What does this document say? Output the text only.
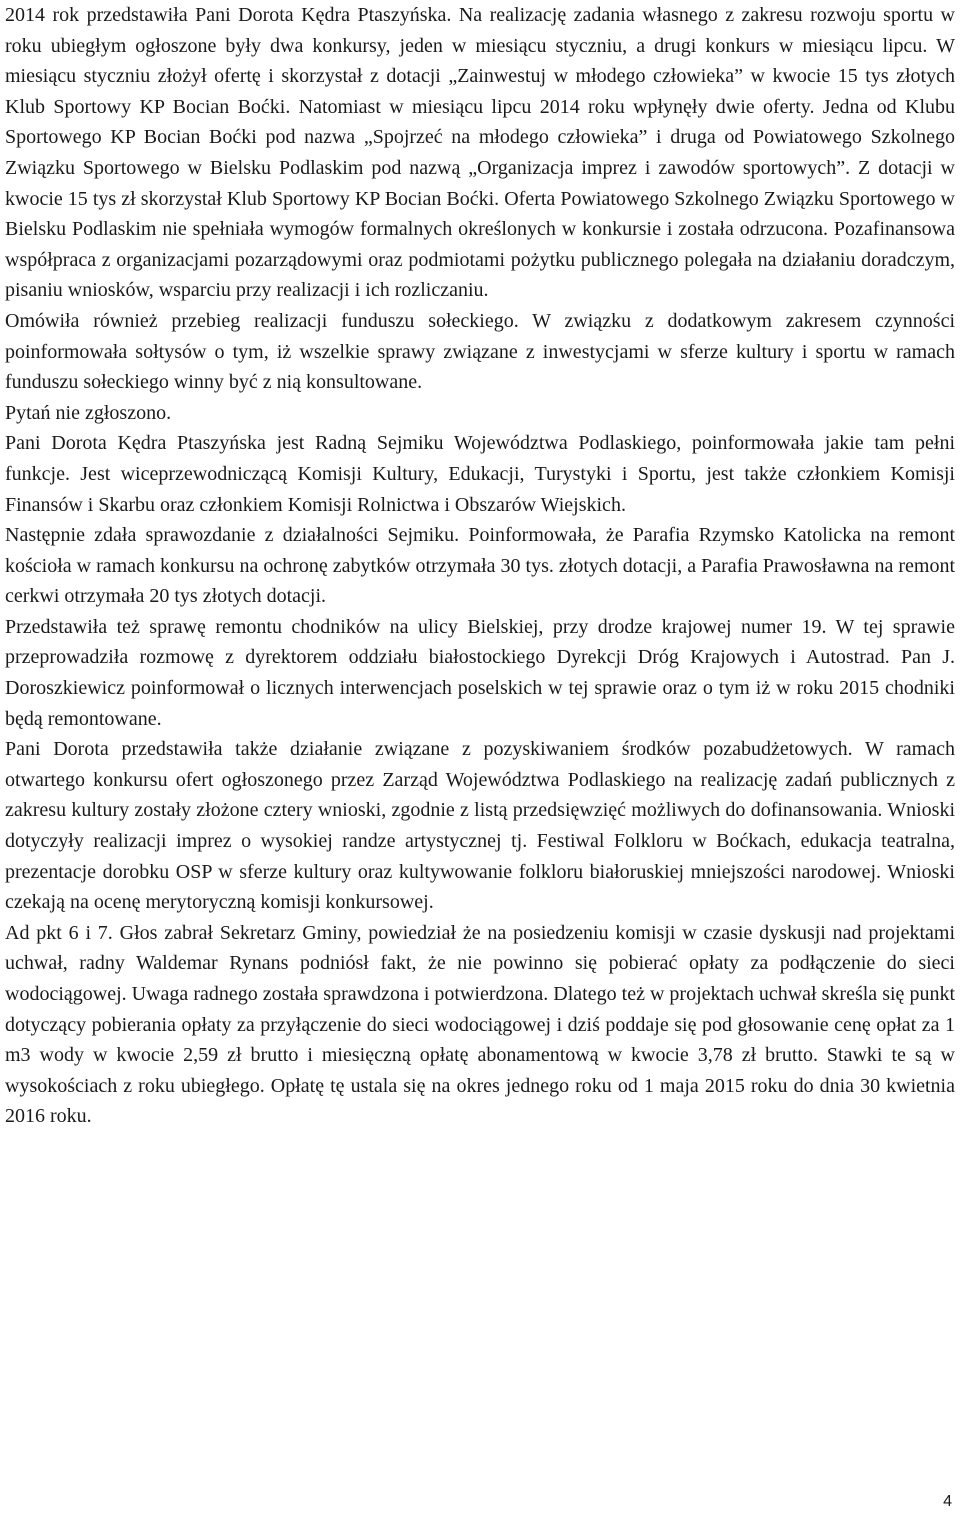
2014 rok przedstawiła Pani Dorota Kędra Ptaszyńska. Na realizację zadania własnego z zakresu rozwoju sportu w roku ubiegłym ogłoszone były dwa konkursy, jeden w miesiącu styczniu, a drugi konkurs w miesiącu lipcu. W miesiącu styczniu złożył ofertę i skorzystał z dotacji „Zainwestuj w młodego człowieka” w kwocie 15 tys złotych Klub Sportowy KP Bocian Boćki. Natomiast w miesiącu lipcu 2014 roku wpłynęły dwie oferty. Jedna od Klubu Sportowego KP Bocian Boćki pod nazwa „Spojrzeć na młodego człowieka” i druga od Powiatowego Szkolnego Związku Sportowego w Bielsku Podlaskim pod nazwą „Organizacja imprez i zawodów sportowych”. Z dotacji w kwocie 15 tys zł skorzystał Klub Sportowy KP Bocian Boćki. Oferta Powiatowego Szkolnego Związku Sportowego w Bielsku Podlaskim nie spełniała wymogów formalnych określonych w konkursie i została odrzucona. Pozafinansowa współpraca z organizacjami pozarządowymi oraz podmiotami pożytku publicznego polegała na działaniu doradczym, pisaniu wniosków, wsparciu przy realizacji i ich rozliczaniu.

Omówiła również przebieg realizacji funduszu sołeckiego. W związku z dodatkowym zakresem czynności poinformowała sołtysów o tym, iż wszelkie sprawy związane z inwestycjami w sferze kultury i sportu w ramach funduszu sołeckiego winny być z nią konsultowane.

Pytań nie zgłoszono.

Pani Dorota Kędra Ptaszyńska jest Radną Sejmiku Województwa Podlaskiego, poinformowała jakie tam pełni funkcje. Jest wiceprzewodniczącą Komisji Kultury, Edukacji, Turystyki i Sportu, jest także członkiem Komisji Finansów i Skarbu oraz członkiem Komisji Rolnictwa i Obszarów Wiejskich.

Następnie zdała sprawozdanie z działalności Sejmiku. Poinformowała, że Parafia Rzymsko Katolicka na remont kościoła w ramach konkursu na ochronę zabytków otrzymała 30 tys. złotych dotacji, a Parafia Prawosławna na remont cerkwi otrzymała 20 tys złotych dotacji.

Przedstawiła też sprawę remontu chodników na ulicy Bielskiej, przy drodze krajowej numer 19. W tej sprawie przeprowadziła rozmowę z dyrektorem oddziału białostockiego Dyrekcji Dróg Krajowych i Autostrad. Pan J. Doroszkiewicz poinformował o licznych interwencjach poselskich w tej sprawie oraz o tym iż w roku 2015 chodniki będą remontowane.

Pani Dorota przedstawiła także działanie związane z pozyskiwaniem środków pozabudżetowych. W ramach otwartego konkursu ofert ogłoszonego przez Zarząd Województwa Podlaskiego na realizację zadań publicznych z zakresu kultury zostały złożone cztery wnioski, zgodnie z listą przedsięwzięć możliwych do dofinansowania. Wnioski dotyczyły realizacji imprez o wysokiej randze artystycznej tj. Festiwal Folkloru w Boćkach, edukacja teatralna, prezentacje dorobku OSP w sferze kultury oraz kultywowanie folkloru białoruskiej mniejszości narodowej. Wnioski czekają na ocenę merytoryczną komisji konkursowej.

Ad pkt 6 i 7. Głos zabrał Sekretarz Gminy, powiedział że na posiedzeniu komisji w czasie dyskusji nad projektami uchwał, radny Waldemar Rynans podniósł fakt, że nie powinno się pobierać opłaty za podłączenie do sieci wodociągowej. Uwaga radnego została sprawdzona i potwierdzona. Dlatego też w projektach uchwał skreśla się punkt dotyczący pobierania opłaty za przyłączenie do sieci wodociągowej i dziś poddaje się pod głosowanie cenę opłat za 1 m3 wody w kwocie 2,59 zł brutto i miesięczną opłatę abonamentową w kwocie 3,78 zł brutto. Stawki te są w wysokościach z roku ubiegłego. Opłatę tę ustala się na okres jednego roku od 1 maja 2015 roku do dnia 30 kwietnia 2016 roku.

4
